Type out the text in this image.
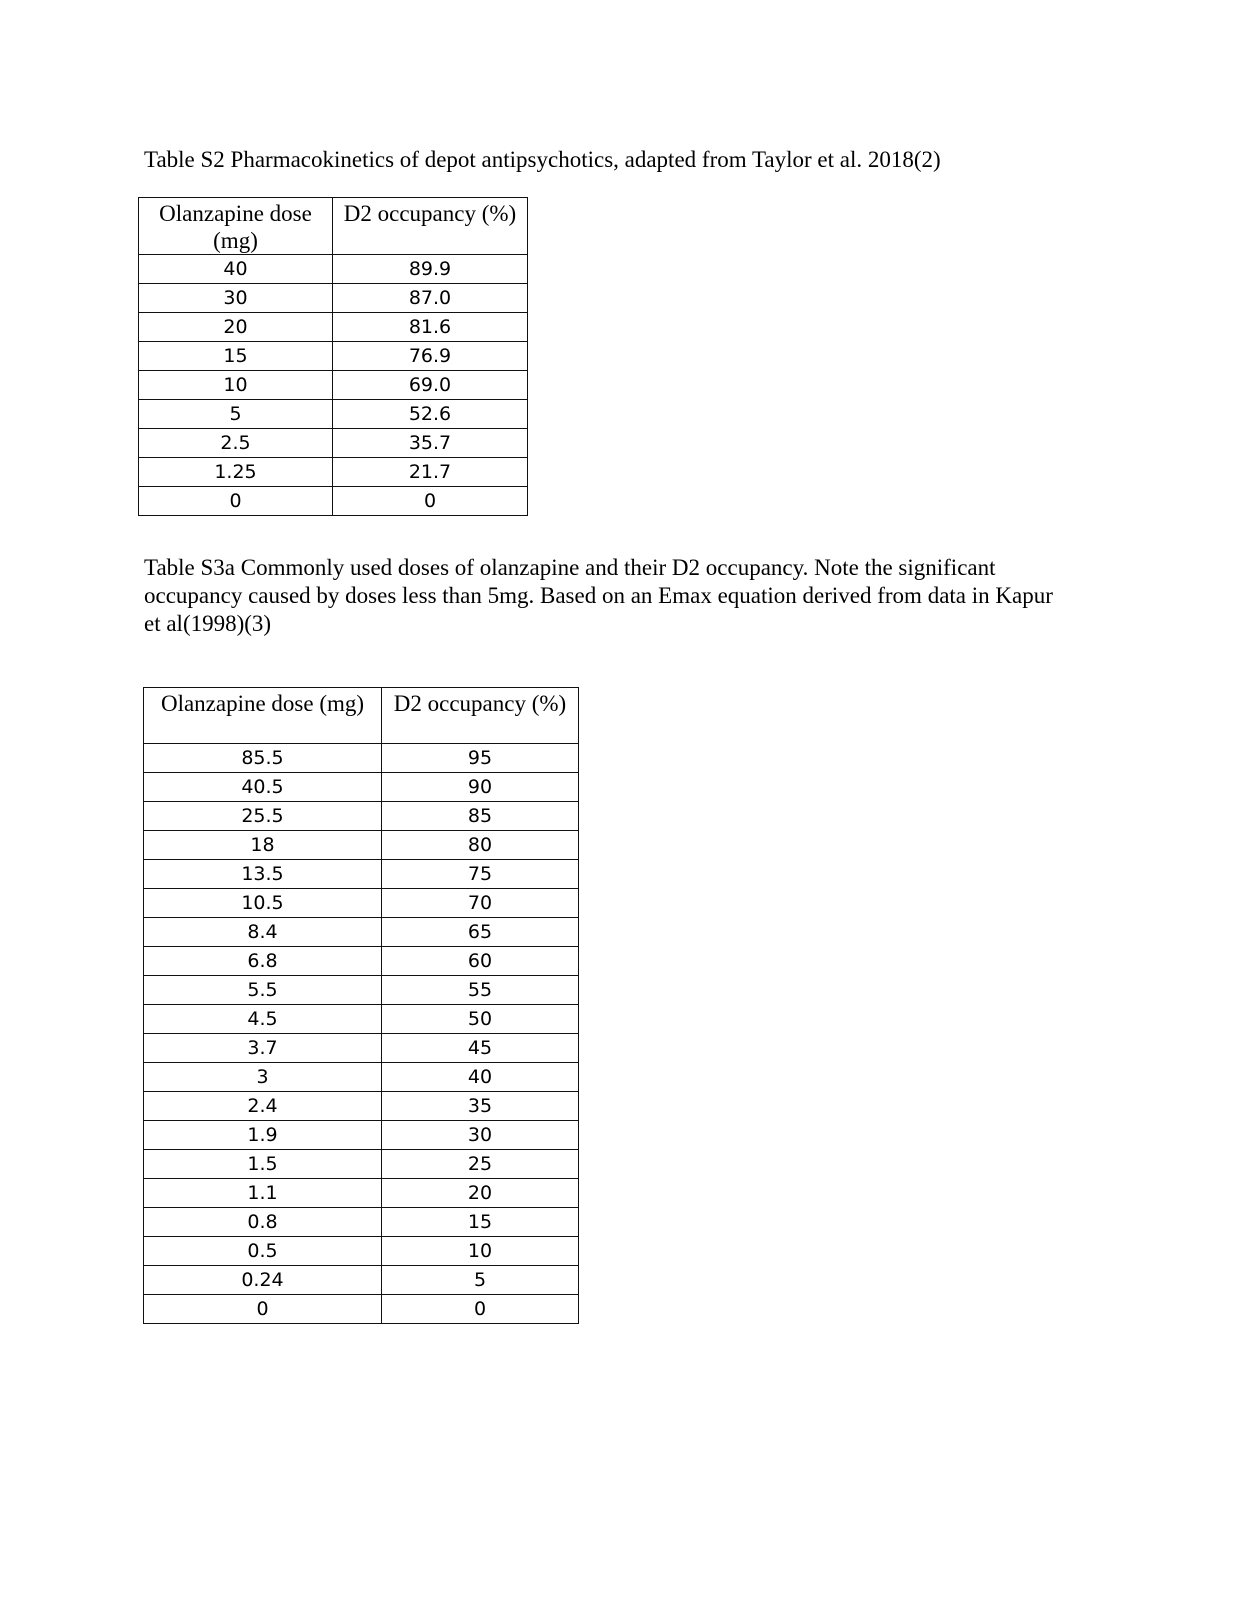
Table S2 Pharmacokinetics of depot antipsychotics, adapted from Taylor et al. 2018(2)

Olanzapine dose (mg)	D2 occupancy (%)
40	89.9
30	87.0
20	81.6
15	76.9
10	69.0
5	52.6
2.5	35.7
1.25	21.7
0	0

Table S3a Commonly used doses of olanzapine and their D2 occupancy. Note the significant occupancy caused by doses less than 5mg. Based on an Emax equation derived from data in Kapur et al(1998)(3)

Olanzapine dose (mg)	D2 occupancy (%)
85.5	95
40.5	90
25.5	85
18	80
13.5	75
10.5	70
8.4	65
6.8	60
5.5	55
4.5	50
3.7	45
3	40
2.4	35
1.9	30
1.5	25
1.1	20
0.8	15
0.5	10
0.24	5
0	0
